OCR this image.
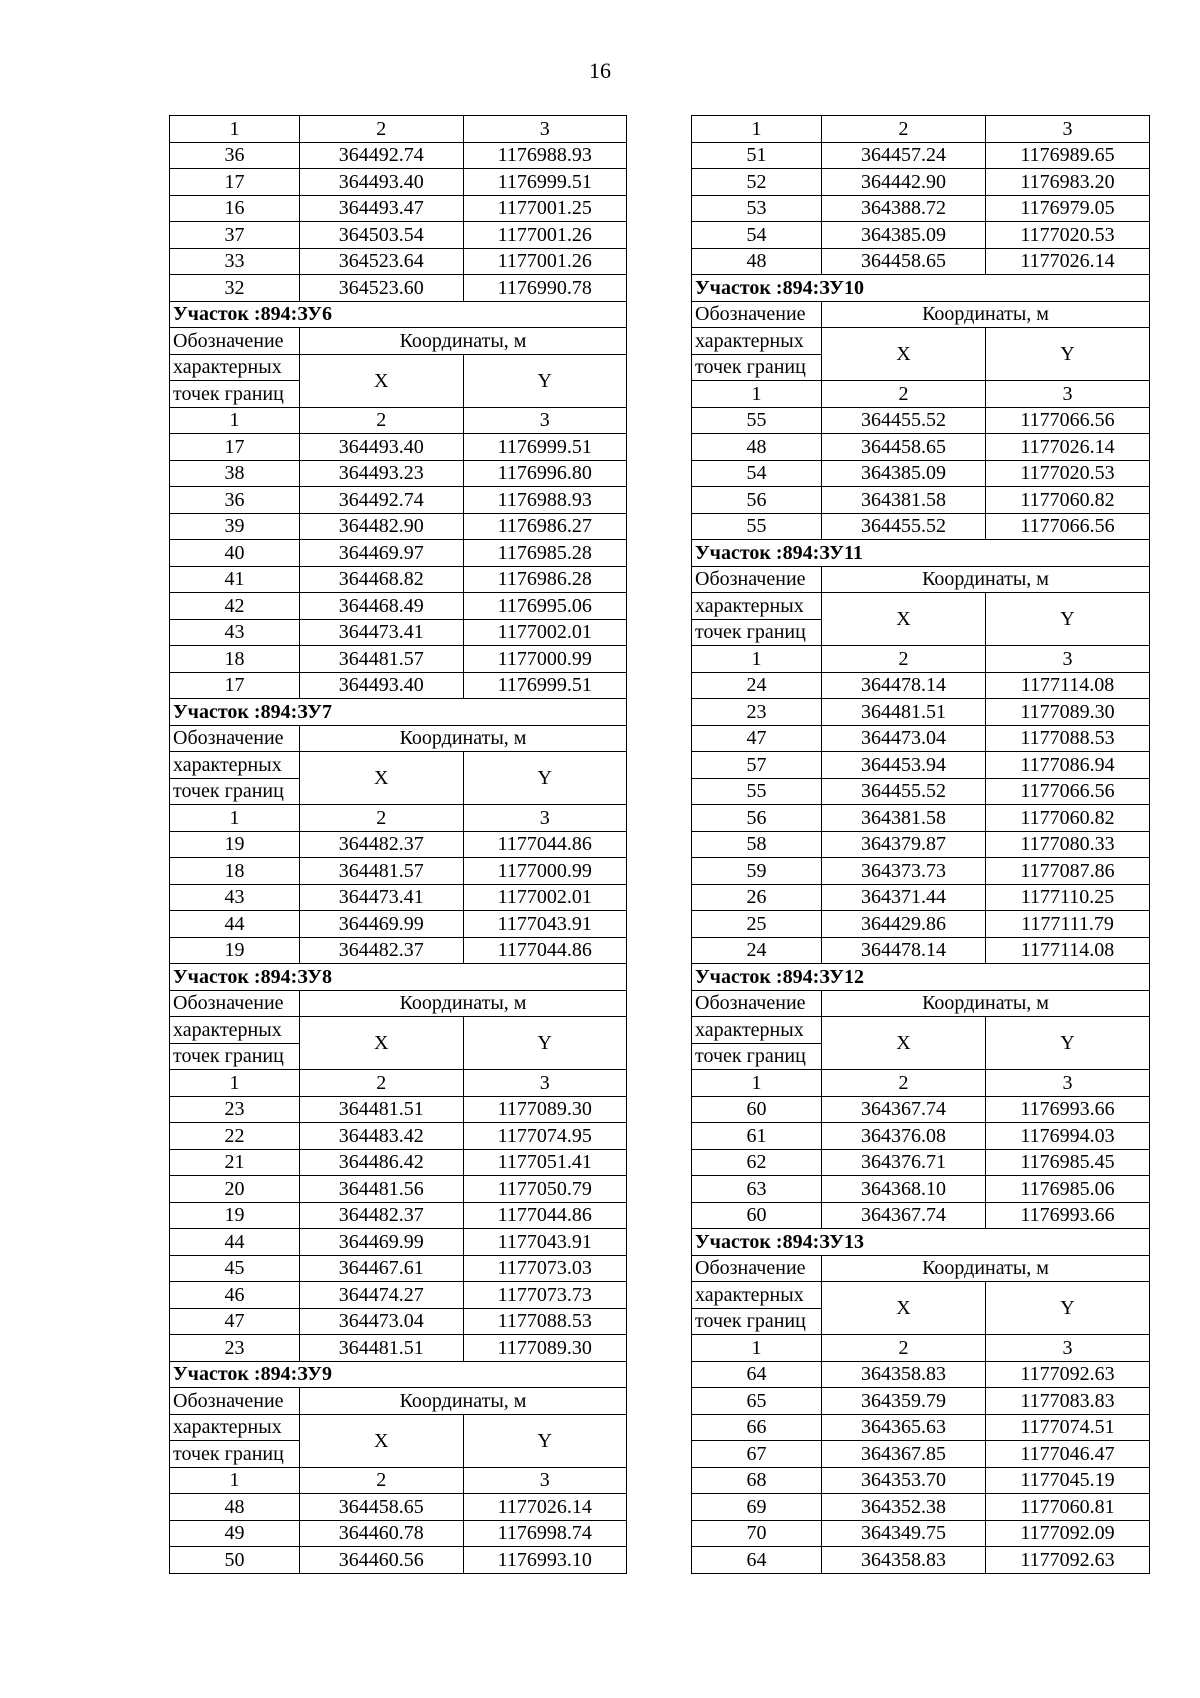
16
1	2	3
36	364492.74	1176988.93
17	364493.40	1176999.51
16	364493.47	1177001.25
37	364503.54	1177001.26
33	364523.64	1177001.26
32	364523.60	1176990.78
Участок :894:ЗУ6		
Обозначение	Координаты, м	
характерных	X	Y
точек границ		
1	2	3
17	364493.40	1176999.51
38	364493.23	1176996.80
36	364492.74	1176988.93
39	364482.90	1176986.27
40	364469.97	1176985.28
41	364468.82	1176986.28
42	364468.49	1176995.06
43	364473.41	1177002.01
18	364481.57	1177000.99
17	364493.40	1176999.51
Участок :894:ЗУ7		
Обозначение	Координаты, м	
характерных	X	Y
точек границ		
1	2	3
19	364482.37	1177044.86
18	364481.57	1177000.99
43	364473.41	1177002.01
44	364469.99	1177043.91
19	364482.37	1177044.86
Участок :894:ЗУ8		
Обозначение	Координаты, м	
характерных	X	Y
точек границ		
1	2	3
23	364481.51	1177089.30
22	364483.42	1177074.95
21	364486.42	1177051.41
20	364481.56	1177050.79
19	364482.37	1177044.86
44	364469.99	1177043.91
45	364467.61	1177073.03
46	364474.27	1177073.73
47	364473.04	1177088.53
23	364481.51	1177089.30
Участок :894:ЗУ9		
Обозначение	Координаты, м	
характерных	X	Y
точек границ		
1	2	3
48	364458.65	1177026.14
49	364460.78	1176998.74
50	364460.56	1176993.10
1	2	3
51	364457.24	1176989.65
52	364442.90	1176983.20
53	364388.72	1176979.05
54	364385.09	1177020.53
48	364458.65	1177026.14
Участок :894:ЗУ10		
Обозначение	Координаты, м	
характерных	X	Y
точек границ		
1	2	3
55	364455.52	1177066.56
48	364458.65	1177026.14
54	364385.09	1177020.53
56	364381.58	1177060.82
55	364455.52	1177066.56
Участок :894:ЗУ11		
Обозначение	Координаты, м	
характерных	X	Y
точек границ		
1	2	3
24	364478.14	1177114.08
23	364481.51	1177089.30
47	364473.04	1177088.53
57	364453.94	1177086.94
55	364455.52	1177066.56
56	364381.58	1177060.82
58	364379.87	1177080.33
59	364373.73	1177087.86
26	364371.44	1177110.25
25	364429.86	1177111.79
24	364478.14	1177114.08
Участок :894:ЗУ12		
Обозначение	Координаты, м	
характерных	X	Y
точек границ		
1	2	3
60	364367.74	1176993.66
61	364376.08	1176994.03
62	364376.71	1176985.45
63	364368.10	1176985.06
60	364367.74	1176993.66
Участок :894:ЗУ13		
Обозначение	Координаты, м	
характерных	X	Y
точек границ		
1	2	3
64	364358.83	1177092.63
65	364359.79	1177083.83
66	364365.63	1177074.51
67	364367.85	1177046.47
68	364353.70	1177045.19
69	364352.38	1177060.81
70	364349.75	1177092.09
64	364358.83	1177092.63
